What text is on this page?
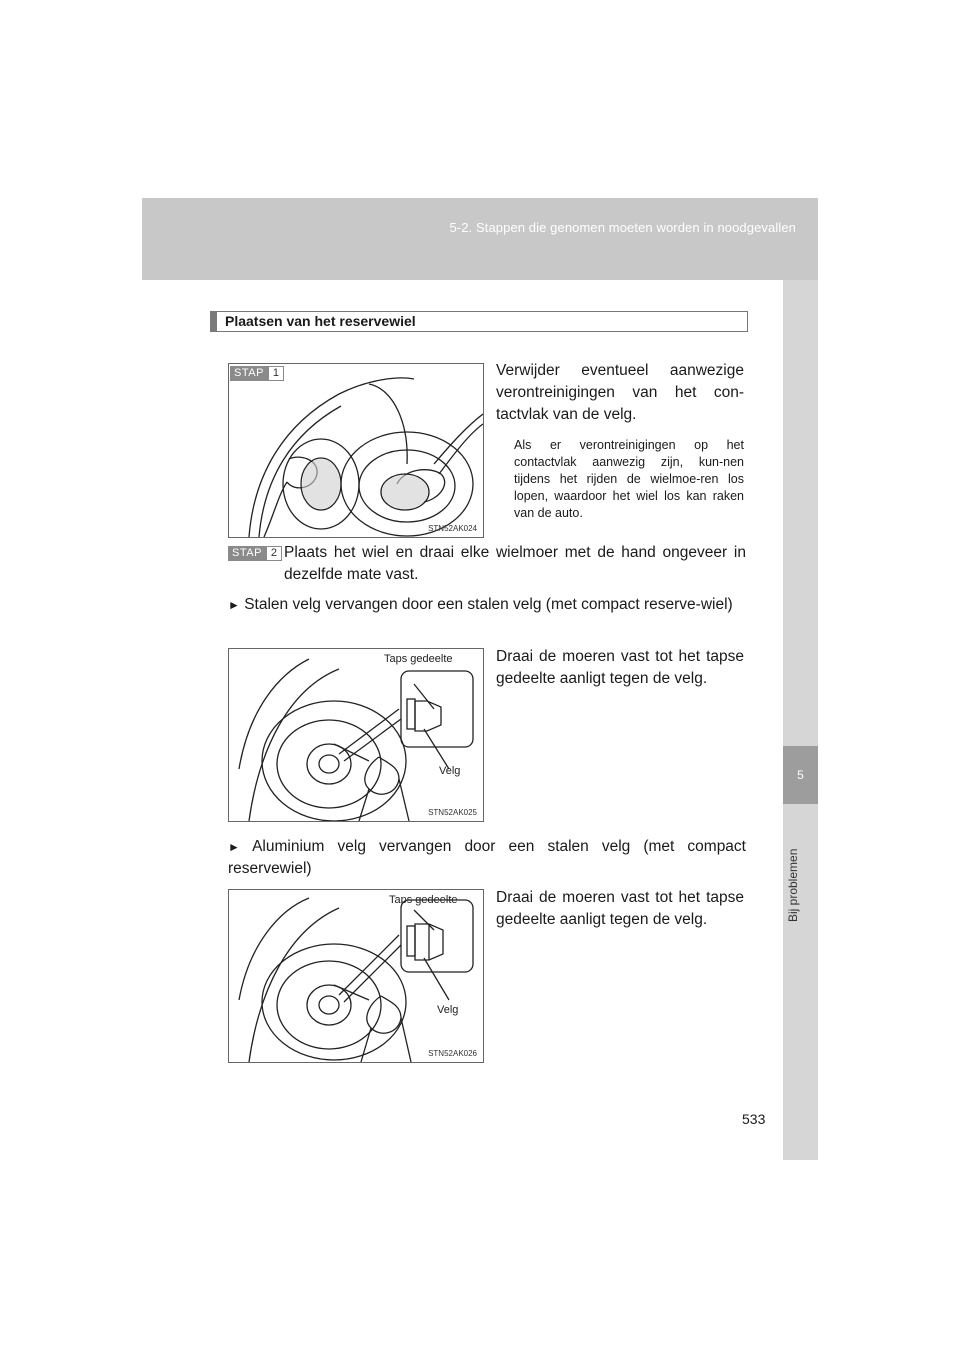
5-2. Stappen die genomen moeten worden in noodgevallen
5
Bij problemen
Plaatsen van het reservewiel
STN52AK024
STAP 1	Verwijder eventueel aanwezige verontreinigingen van het con-tactvlak van de velg.
Als er verontreinigingen op het contactvlak aanwezig zijn, kun-nen tijdens het rijden de wielmoe-ren los lopen, waardoor het wiel los kan raken van de auto.
STAP 2 Plaats het wiel en draai elke wielmoer met de hand ongeveer in dezelfde mate vast.
► Stalen velg vervangen door een stalen velg (met compact reserve-wiel)
Taps gedeelte
Velg
STN52AK025
Draai de moeren vast tot het tapse gedeelte aanligt tegen de velg.
► Aluminium velg vervangen door een stalen velg (met compact reservewiel)
Taps gedeelte
Velg
STN52AK026
Draai de moeren vast tot het tapse gedeelte aanligt tegen de velg.
533
